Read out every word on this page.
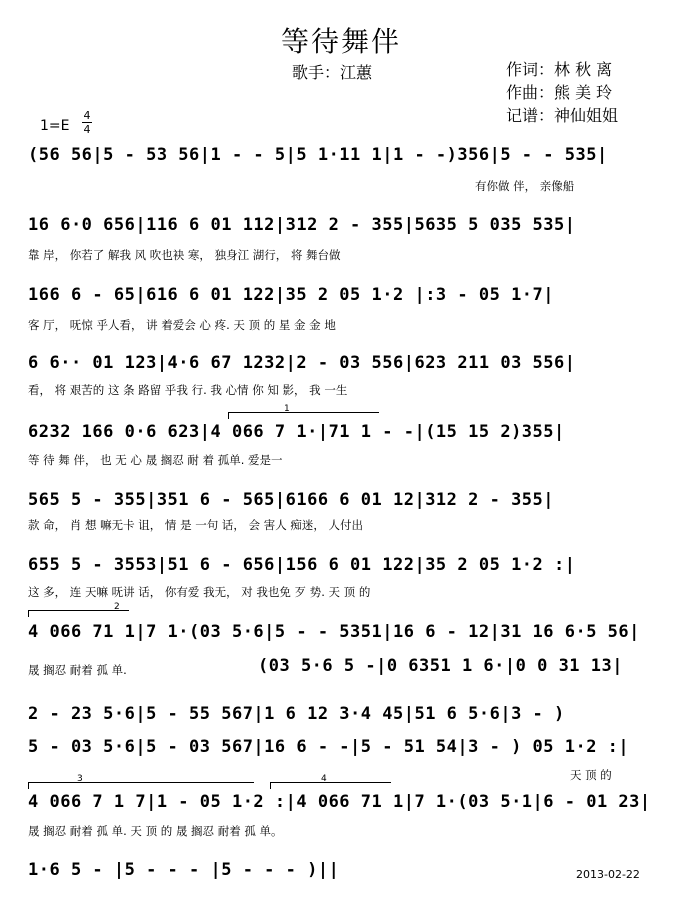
等待舞伴
歌手：江蕙	作词：林 秋 离
作曲：熊 美 玲
记谱：神仙姐姐
1=E
4
4
(56 56|5 - 53 56|1 - - 5|5 1·11 1|1 - -)356|5 - - 535|
有你做 伴， 亲像船
16 6·0 656|116 6 01 112|312 2 - 355|5635 5 035 535|
靠 岸， 你若了 解我 风 吹也袂 寒， 独身江 湖行， 将 舞台做
166 6 - 65|616 6 01 122|35 2 05 1·2 |:3 - 05 1·7|
客 厅， 呒惊 乎人看， 讲 着爱会 心 疼. 天 顶 的 星 金 金 地
6 6·· 01 123|4·6 67 1232|2 - 03 556|623 211 03 556|
看， 将 艰苦的 这 条 路留 乎我 行. 我 心情 你 知 影， 我 一生
1
6232 166 0·6 623|4 066 7 1·|71 1 - -|(15 15 2)355|
等 待 舞 伴， 也 无 心 晟 搁忍 耐 着 孤单. 爱是一
565 5 - 355|351 6 - 565|6166 6 01 12|312 2 - 355|
款 命， 肖 想 嘛无卡 诅， 情 是 一句 话， 会 害人 痴迷， 人付出
655 5 - 3553|51 6 - 656|156 6 01 122|35 2 05 1·2 :|
这 多， 连 天嘛 呒讲 话， 你有爱 我无， 对 我也免 歹 势. 天 顶 的
2
4 066 71 1|7 1·(03 5·6|5 - - 5351|16 6 - 12|31 16 6·5 56|
晟 搁忍 耐着 孤 单.	(03 5·6 5 -|0 6351 1 6·|0 0 31 13|
2 - 23 5·6|5 - 55 567|1 6 12 3·4 45|51 6 5·6|3 - )
5 - 03 5·6|5 - 03 567|16 6 - -|5 - 51 54|3 - ) 05 1·2 :|
天 顶 的
3	4
4 066 7 1 7|1 - 05 1·2 :|4 066 71 1|7 1·(03 5·1|6 - 01 23|
晟 搁忍 耐着 孤 单. 天 顶 的 晟 搁忍 耐着 孤 单。
1·6 5 - |5 - - - |5 - - - )||	2013-02-22
